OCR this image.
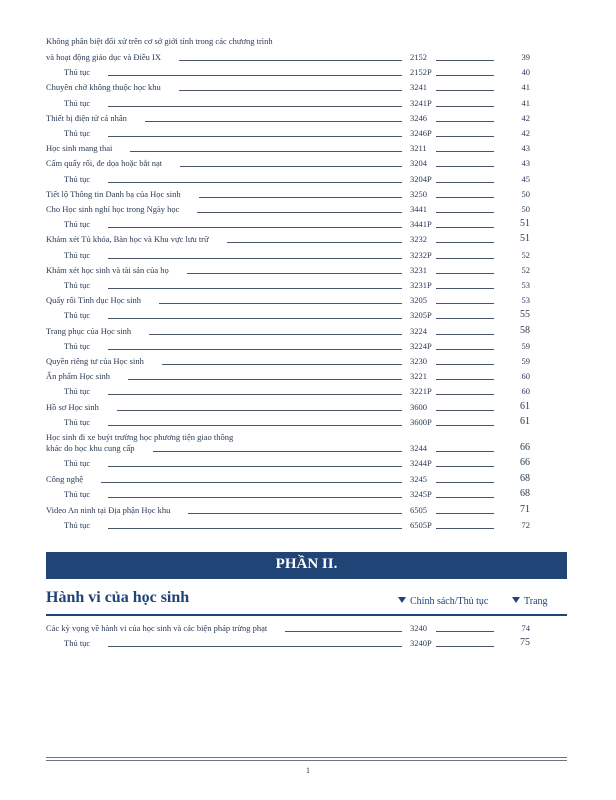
Không phân biệt đối xử trên cơ sở giới tính trong các chương trình
và hoạt động giáo dục và Điều IX	2152	39
Thủ tục	2152P	40
Chuyên chở không thuộc học khu	3241	41
Thủ tục	3241P	41
Thiết bị điện tử cá nhân	3246	42
Thủ tục	3246P	42
Học sinh mang thai	3211	43
Cấm quấy rối, đe dọa hoặc bắt nạt	3204	43
Thủ tục	3204P	45
Tiết lộ Thông tin Danh bạ của Học sinh	3250	50
Cho Học sinh nghỉ học trong Ngày học	3441	50
Thủ tục	3441P	51
Khám xét Tủ khóa, Bàn học và Khu vực lưu trữ	3232	51
Thủ tục	3232P	52
Khám xét học sinh và tài sản của họ	3231	52
Thủ tục	3231P	53
Quấy rối Tình dục Học sinh	3205	53
Thủ tục	3205P	55
Trang phục của Học sinh	3224	58
Thủ tục	3224P	59
Quyền riêng tư của Học sinh	3230	59
Ấn phẩm Học sinh	3221	60
Thủ tục	3221P	60
Hồ sơ Học sinh	3600	61
Thủ tục	3600P	61
Học sinh đi xe buýt trường học phương tiện giao thông
khác do học khu cung cấp	3244	66
Thủ tục	3244P	66
Công nghệ	3245	68
Thủ tục	3245P	68
Video An ninh tại Địa phận Học khu	6505	71
Thủ tục	6505P	72
PHẦN II.
Hành vi của học sinh	Chính sách/Thủ tục	Trang
Các kỳ vọng về hành vi của học sinh và các biện pháp trừng phạt	3240	74
Thủ tục	3240P	75
1
